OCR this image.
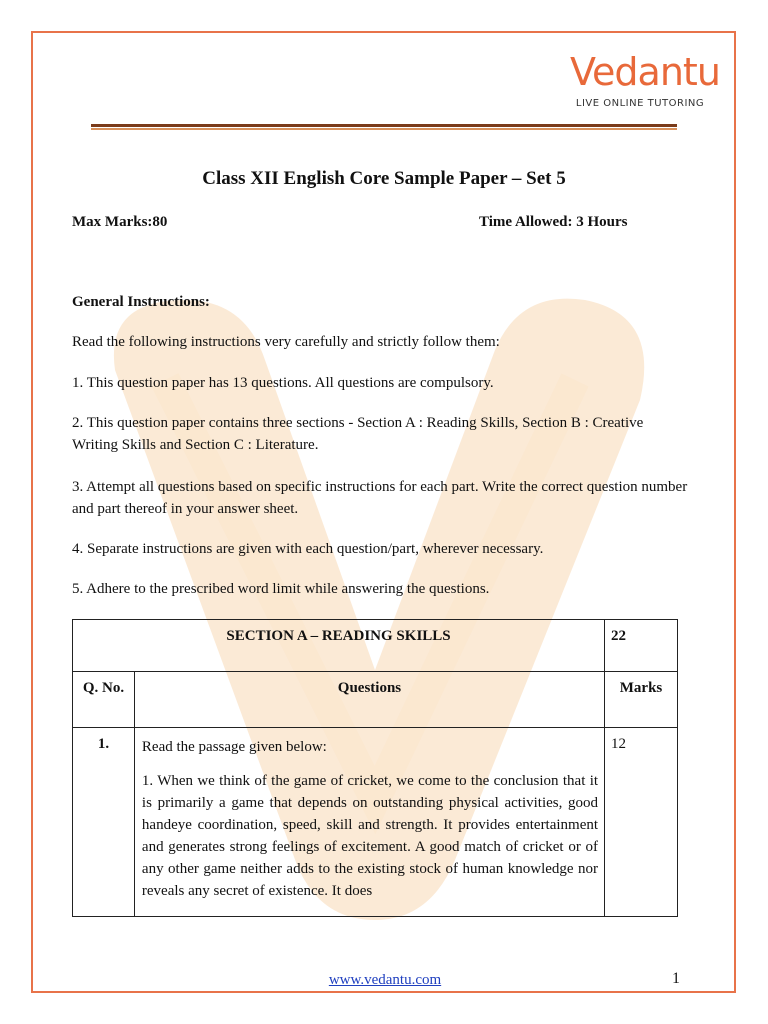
Vedantu
LIVE ONLINE TUTORING
Class XII English Core Sample Paper – Set 5
Max Marks:80	Time Allowed: 3 Hours
General Instructions:
Read the following instructions very carefully and strictly follow them:
1. This question paper has 13 questions. All questions are compulsory.
2. This question paper contains three sections - Section A : Reading Skills, Section B : Creative Writing Skills and Section C : Literature.
3. Attempt all questions based on specific instructions for each part. Write the correct question number and part thereof in your answer sheet.
4. Separate instructions are given with each question/part, wherever necessary.
5. Adhere to the prescribed word limit while answering the questions.
SECTION A – READING SKILLS		22
Q. No.	Questions	Marks
1.	Read the passage given below:

1. When we think of the game of cricket, we come to the conclusion that it is primarily a game that depends on outstanding physical activities, good handeye coordination, speed, skill and strength. It provides entertainment and generates strong feelings of excitement. A good match of cricket or of any other game neither adds to the existing stock of human knowledge nor reveals any secret of existence. It does	12
www.vedantu.com	1
